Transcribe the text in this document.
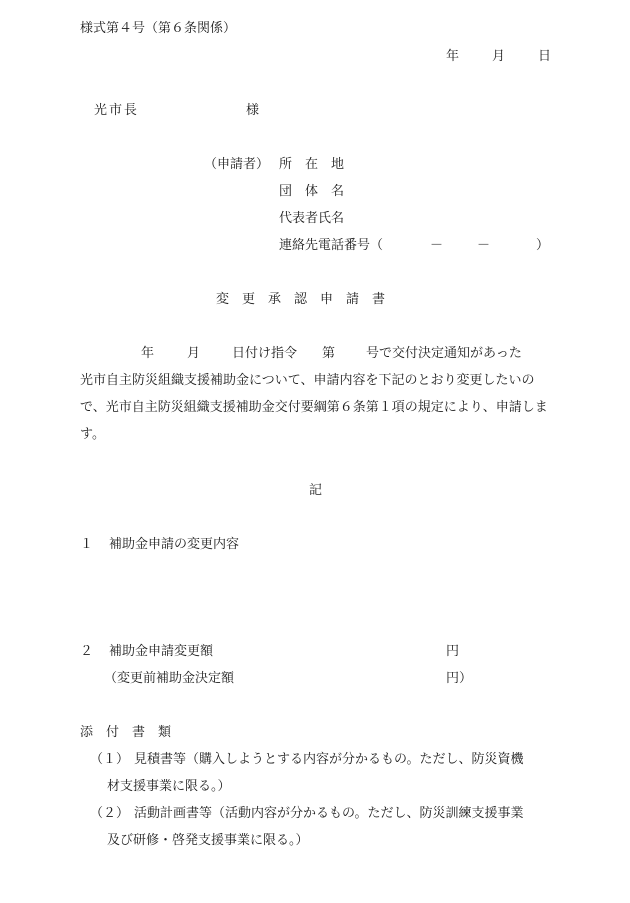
様式第４号（第６条関係）
年	月	日
光市長	様
（申請者） 所　在　地
団　体　名
代表者氏名
連絡先電話番号（	－	－	）
変　更　承　認　申　請　書
年	月 日付け指令 第 号で交付決定通知があった
光市自主防災組織支援補助金について、申請内容を下記のとおり変更したいので、光市自主防災組織支援補助金交付要綱第６条第１項の規定により、申請します。
記
１ 補助金申請の変更内容
２ 補助金申請変更額	円
（変更前補助金決定額	円）
添　付　書　類
（１） 見積書等（購入しようとする内容が分かるもの。ただし、防災資機
材支援事業に限る。）
（２） 活動計画書等（活動内容が分かるもの。ただし、防災訓練支援事業
及び研修・啓発支援事業に限る。）
